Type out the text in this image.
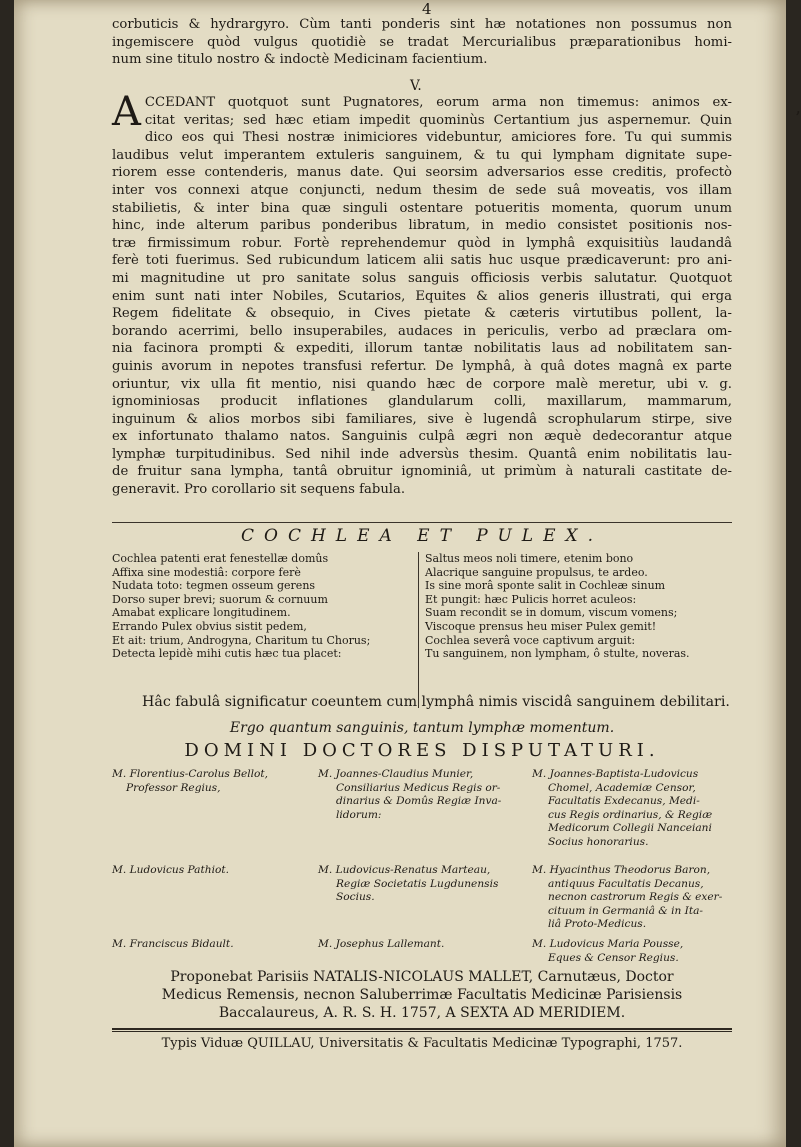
4
corbuticis & hydrargyro. Cùm tanti ponderis sint hæ notationes non possumus non
ingemiscere quòd vulgus quotidiè se tradat Mercurialibus præparationibus homi-
num sine titulo nostro & indoctè Medicinam facientium.
V.
A CCEDANT quotquot sunt Pugnatores, eorum arma non timemus: animos ex-
citat veritas; sed hæc etiam impedit quominùs Certantium jus aspernemur. Quin
dico eos qui Thesi nostræ inimiciores videbuntur, amiciores fore. Tu qui summis
laudibus velut imperantem extuleris sanguinem, & tu qui lympham dignitate supe-
riorem esse contenderis, manus date. Qui seorsim adversarios esse creditis, profectò
inter vos connexi atque conjuncti, nedum thesim de sede suâ moveatis, vos illam
stabilietis, & inter bina quæ singuli ostentare potueritis momenta, quorum unum
hinc, inde alterum paribus ponderibus libratum, in medio consistet positionis nos-
træ firmissimum robur. Fortè reprehendemur quòd in lymphâ exquisitiùs laudandâ
ferè toti fuerimus. Sed rubicundum laticem alii satis huc usque prædicaverunt: pro ani-
mi magnitudine ut pro sanitate solus sanguis officiosis verbis salutatur. Quotquot
enim sunt nati inter Nobiles, Scutarios, Equites & alios generis illustrati, qui erga
Regem fidelitate & obsequio, in Cives pietate & cæteris virtutibus pollent, la-
borando acerrimi, bello insuperabiles, audaces in periculis, verbo ad præclara om-
nia facinora prompti & expediti, illorum tantæ nobilitatis laus ad nobilitatem san-
guinis avorum in nepotes transfusi refertur. De lymphâ, à quâ dotes magnâ ex parte
oriuntur, vix ulla fit mentio, nisi quando hæc de corpore malè meretur, ubi v. g.
ignominiosas producit inflationes glandularum colli, maxillarum, mammarum,
inguinum & alios morbos sibi familiares, sive è lugendâ scrophularum stirpe, sive
ex infortunato thalamo natos. Sanguinis culpâ ægri non æquè dedecorantur atque
lymphæ turpitudinibus. Sed nihil inde adversùs thesim. Quantâ enim nobilitatis lau-
de fruitur sana lympha, tantâ obruitur ignominiâ, ut primùm à naturali castitate de-
generavit. Pro corollario sit sequens fabula.
COCHLEA ET PULEX.
Cochlea patenti erat fenestellæ domûs
Affixa sine modestiâ: corpore ferè
Nudata toto: tegmen osseum gerens
Dorso super brevi; suorum & cornuum
Amabat explicare longitudinem.
Errando Pulex obvius sistit pedem,
Et ait: trium, Androgyna, Charitum tu Chorus;
Detecta lepidè mihi cutis hæc tua placet:
Saltus meos noli timere, etenim bono
Alacrique sanguine propulsus, te ardeo.
Is sine morâ sponte salit in Cochleæ sinum
Et pungit: hæc Pulicis horret aculeos:
Suam recondit se in domum, viscum vomens;
Viscoque prensus heu miser Pulex gemit!
Cochlea severâ voce captivum arguit:
Tu sanguinem, non lympham, ô stulte, noveras.
Hâc fabulâ significatur coeuntem cum lymphâ nimis viscidâ sanguinem debilitari.
Ergo quantum sanguinis, tantum lymphæ momentum.
DOMINI DOCTORES DISPUTATURI.
M. Florentius-Carolus Bellot,
Professor Regius,
M. Ludovicus Pathiot.
M. Franciscus Bidault.
M. Joannes-Claudius Munier,
Consiliarius Medicus Regis or-
dinarius & Domûs Regiæ Inva-
lidorum:
M. Ludovicus-Renatus Marteau,
Regiæ Societatis Lugdunensis
Socius.
M. Josephus Lallemant.
M. Joannes-Baptista-Ludovicus
Chomel, Academiæ Censor,
Facultatis Exdecanus, Medi-
cus Regis ordinarius, & Regiæ
Medicorum Collegii Nanceiani
Socius honorarius.
M. Hyacinthus Theodorus Baron,
antiquus Facultatis Decanus,
necnon castrorum Regis & exer-
cituum in Germaniâ & in Ita-
liâ Proto-Medicus.
M. Ludovicus Maria Pousse,
Eques & Censor Regius.
Proponebat Parisiis NATALIS-NICOLAUS MALLET, Carnutæus, Doctor
Medicus Remensis, necnon Saluberrimæ Facultatis Medicinæ Parisiensis
Baccalaureus, A. R. S. H. 1757, A SEXTA AD MERIDIEM.
Typis Viduæ QUILLAU, Universitatis & Facultatis Medicinæ Typographi, 1757.
’
